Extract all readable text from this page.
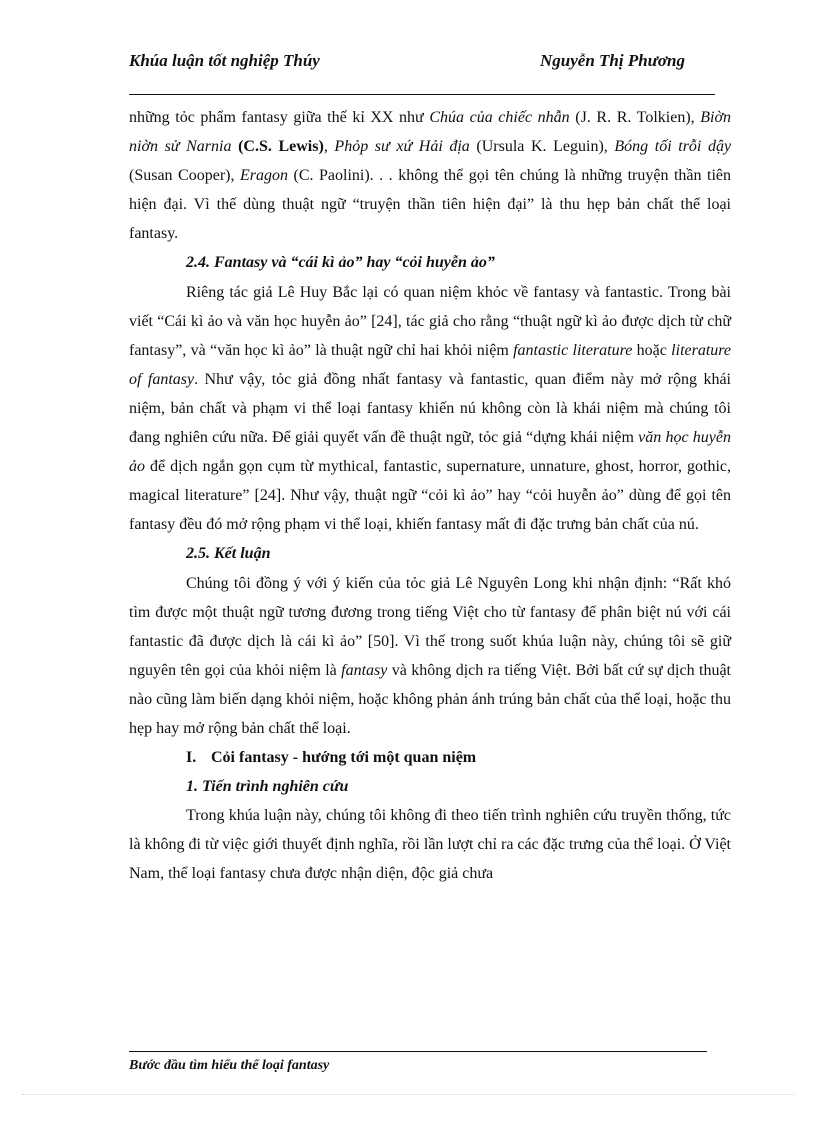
Khúa luận tốt nghiệp Thúy	Nguyễn Thị Phương

những tỏc phẩm fantasy giữa thế kỉ XX như Chúa của chiếc nhẫn (J. R. R. Tolkien), Biờn niờn sử Narnia (C.S. Lewis), Phỏp sư xứ Hải địa (Ursula K. Leguin), Bóng tối trỗi dậy (Susan Cooper), Eragon (C. Paolini). . . không thể gọi tên chúng là những truyện thần tiên hiện đại. Vì thế dùng thuật ngữ “truyện thần tiên hiện đại” là thu hẹp bản chất thể loại fantasy.

2.4. Fantasy và “cái kì ảo” hay “cỏi huyễn ảo”

Riêng tác giả Lê Huy Bắc lại có quan niệm khỏc về fantasy và fantastic. Trong bài viết “Cái kì ảo và văn học huyễn ảo” [24], tác giả cho rằng “thuật ngữ kì ảo được dịch từ chữ fantasy”, và “văn học kì ảo” là thuật ngữ chỉ hai khỏi niệm fantastic literature hoặc literature of fantasy. Như vậy, tỏc giả đồng nhất fantasy và fantastic, quan điểm này mở rộng khái niệm, bản chất và phạm vi thể loại fantasy khiến nú không còn là khái niệm mà chúng tôi đang nghiên cứu nữa. Để giải quyết vấn đề thuật ngữ, tỏc giả “dựng khái niệm văn học huyễn ảo để dịch ngắn gọn cụm từ mythical, fantastic, supernature, unnature, ghost, horror, gothic, magical literature” [24]. Như vậy, thuật ngữ “cỏi kì ảo” hay “cỏi huyễn ảo” dùng để gọi tên fantasy đều đó mở rộng phạm vi thể loại, khiến fantasy mất đi đặc trưng bản chất của nú.

2.5. Kết luận

Chúng tôi đồng ý với ý kiến của tỏc giả Lê Nguyên Long khi nhận định: “Rất khó tìm được một thuật ngữ tương đương trong tiếng Việt cho từ fantasy để phân biệt nú với cái fantastic đã được dịch là cái kì ảo” [50]. Vì thế trong suốt khúa luận này, chúng tôi sẽ giữ nguyên tên gọi của khỏi niệm là fantasy và không dịch ra tiếng Việt. Bởi bất cứ sự dịch thuật nào cũng làm biến dạng khỏi niệm, hoặc không phản ánh trúng bản chất của thể loại, hoặc thu hẹp hay mở rộng bản chất thể loại.

I. Cỏi fantasy - hướng tới một quan niệm
1. Tiến trình nghiên cứu

Trong khúa luận này, chúng tôi không đi theo tiến trình nghiên cứu truyền thống, tức là không đi từ việc giới thuyết định nghĩa, rồi lần lượt chỉ ra các đặc trưng của thể loại. Ở Việt Nam, thể loại fantasy chưa được nhận diện, độc giả chưa

Bước đầu tìm hiểu thể loại fantasy
